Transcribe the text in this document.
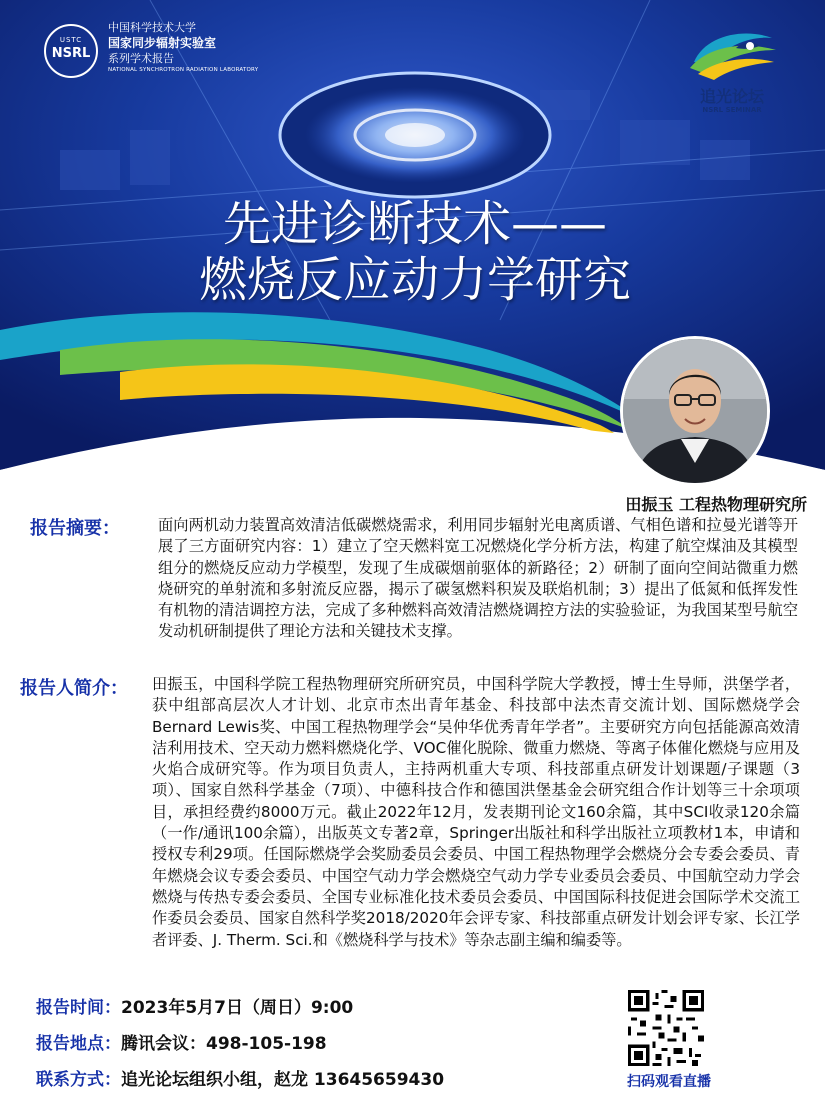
USTC
NSRL
中国科学技术大学
国家同步辐射实验室
系列学术报告
NATIONAL SYNCHROTRON RADIATION LABORATORY
追光论坛
NSRL SEMINAR
先进诊断技术——
燃烧反应动力学研究
田振玉 工程热物理研究所
报告摘要：	面向两机动力装置高效清洁低碳燃烧需求，利用同步辐射光电离质谱、气相色谱和拉曼光谱等开展了三方面研究内容：1）建立了空天燃料宽工况燃烧化学分析方法，构建了航空煤油及其模型组分的燃烧反应动力学模型，发现了生成碳烟前驱体的新路径；2）研制了面向空间站微重力燃烧研究的单射流和多射流反应器，揭示了碳氢燃料积炭及联焰机制；3）提出了低氮和低挥发性有机物的清洁调控方法，完成了多种燃料高效清洁燃烧调控方法的实验验证，为我国某型号航空发动机研制提供了理论方法和关键技术支撑。
报告人简介： 田振玉，中国科学院工程热物理研究所研究员，中国科学院大学教授，博士生导师，洪堡学者，获中组部高层次人才计划、北京市杰出青年基金、科技部中法杰青交流计划、国际燃烧学会Bernard Lewis奖、中国工程热物理学会“吴仲华优秀青年学者”。主要研究方向包括能源高效清洁利用技术、空天动力燃料燃烧化学、VOC催化脱除、微重力燃烧、等离子体催化燃烧与应用及火焰合成研究等。作为项目负责人，主持两机重大专项、科技部重点研发计划课题/子课题（3项）、国家自然科学基金（7项）、中德科技合作和德国洪堡基金会研究组合作计划等三十余项项目，承担经费约8000万元。截止2022年12月，发表期刊论文160余篇，其中SCI收录120余篇（一作/通讯100余篇），出版英文专著2章，Springer出版社和科学出版社立项教材1本，申请和授权专利29项。任国际燃烧学会奖励委员会委员、中国工程热物理学会燃烧分会专委会委员、青年燃烧会议专委会委员、中国空气动力学会燃烧空气动力学专业委员会委员、中国航空动力学会燃烧与传热专委会委员、全国专业标准化技术委员会委员、中国国际科技促进会国际学术交流工作委员会委员、国家自然科学奖2018/2020年会评专家、科技部重点研发计划会评专家、长江学者评委、J. Therm. Sci.和《燃烧科学与技术》等杂志副主编和编委等。
报告时间：2023年5月7日（周日）9:00
报告地点：腾讯会议：498-105-198
联系方式：追光论坛组织小组，赵龙 13645659430	扫码观看直播
